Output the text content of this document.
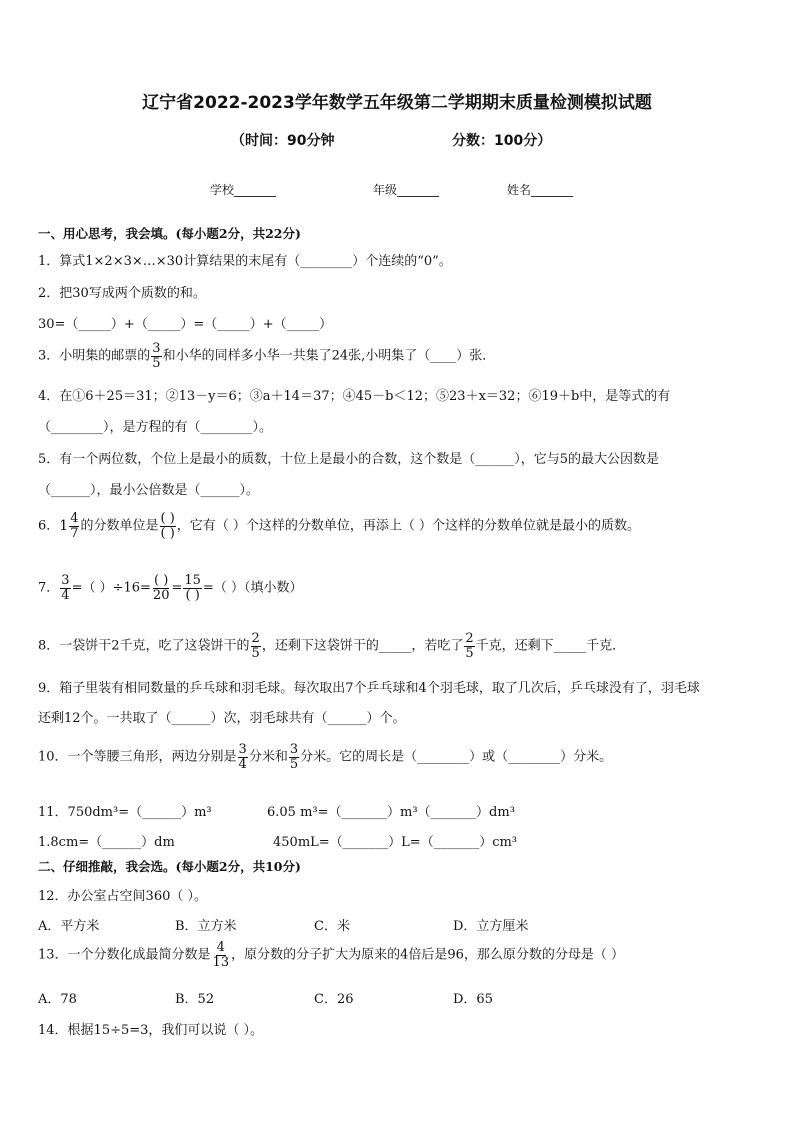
辽宁省2022-2023学年数学五年级第二学期期末质量检测模拟试题
（时间：90分钟	分数：100分）
学校_______	年级_______	姓名_______
一、用心思考，我会填。(每小题2分，共22分)
1．算式1×2×3×…×30计算结果的末尾有（________）个连续的“0”。
2．把30写成两个质数的和。
30=（_____）+（_____）=（_____）+（_____）
3．小明集的邮票的 $\frac{3}{5}$ 和小华的同样多小华一共集了24张,小明集了（____）张．
4．在①6＋25＝31；②13－y＝6；③a＋14＝37；④45－b＜12；⑤23＋x＝32；⑥19＋b中，是等式的有
（________），是方程的有（________）。
5．有一个两位数，个位上是最小的质数，十位上是最小的合数，这个数是（______），它与5的最大公因数是
（______），最小公倍数是（______）。
6．$1 \frac{4}{7}$ 的分数单位是 $\frac{( )}{( )}$ ，它有（ ）个这样的分数单位，再添上（ ）个这样的分数单位就是最小的质数。
7． $\frac{3}{4}$ =（ ）$\div 16= \frac{( )}{20} = \frac{15}{( )}$ =（ ）（填小数）
8．一袋饼干2千克，吃了这袋饼干的 $\frac{2}{5}$ ，还剩下这袋饼干的_____，若吃了 $\frac{2}{5}$ 千克，还剩下_____千克．
9．箱子里装有相同数量的乒乓球和羽毛球。每次取出7个乒乓球和4个羽毛球，取了几次后，乒乓球没有了，羽毛球
还剩12个。一共取了（______）次，羽毛球共有（______）个。
10．一个等腰三角形，两边分别是 $\frac{3}{4}$ 分米和 $\frac{3}{5}$ 分米。它的周长是（________）或（________）分米。
11．750dm³=（______）m³	6.05 m³=（_______）m³（_______）dm³
1.8cm=（______）dm	450mL=（_______）L=（_______）cm³
二、仔细推敲，我会选。(每小题2分，共10分)
12．办公室占空间360（ ）。
A．平方米	B．立方米	C．米	D．立方厘米
13．一个分数化成最简分数是 $\frac{4}{13}$ ，原分数的分子扩大为原来的4倍后是96，那么原分数的分母是（ ）
A．78	B．52	C．26	D．65
14．根据15÷5=3，我们可以说（ ）。
